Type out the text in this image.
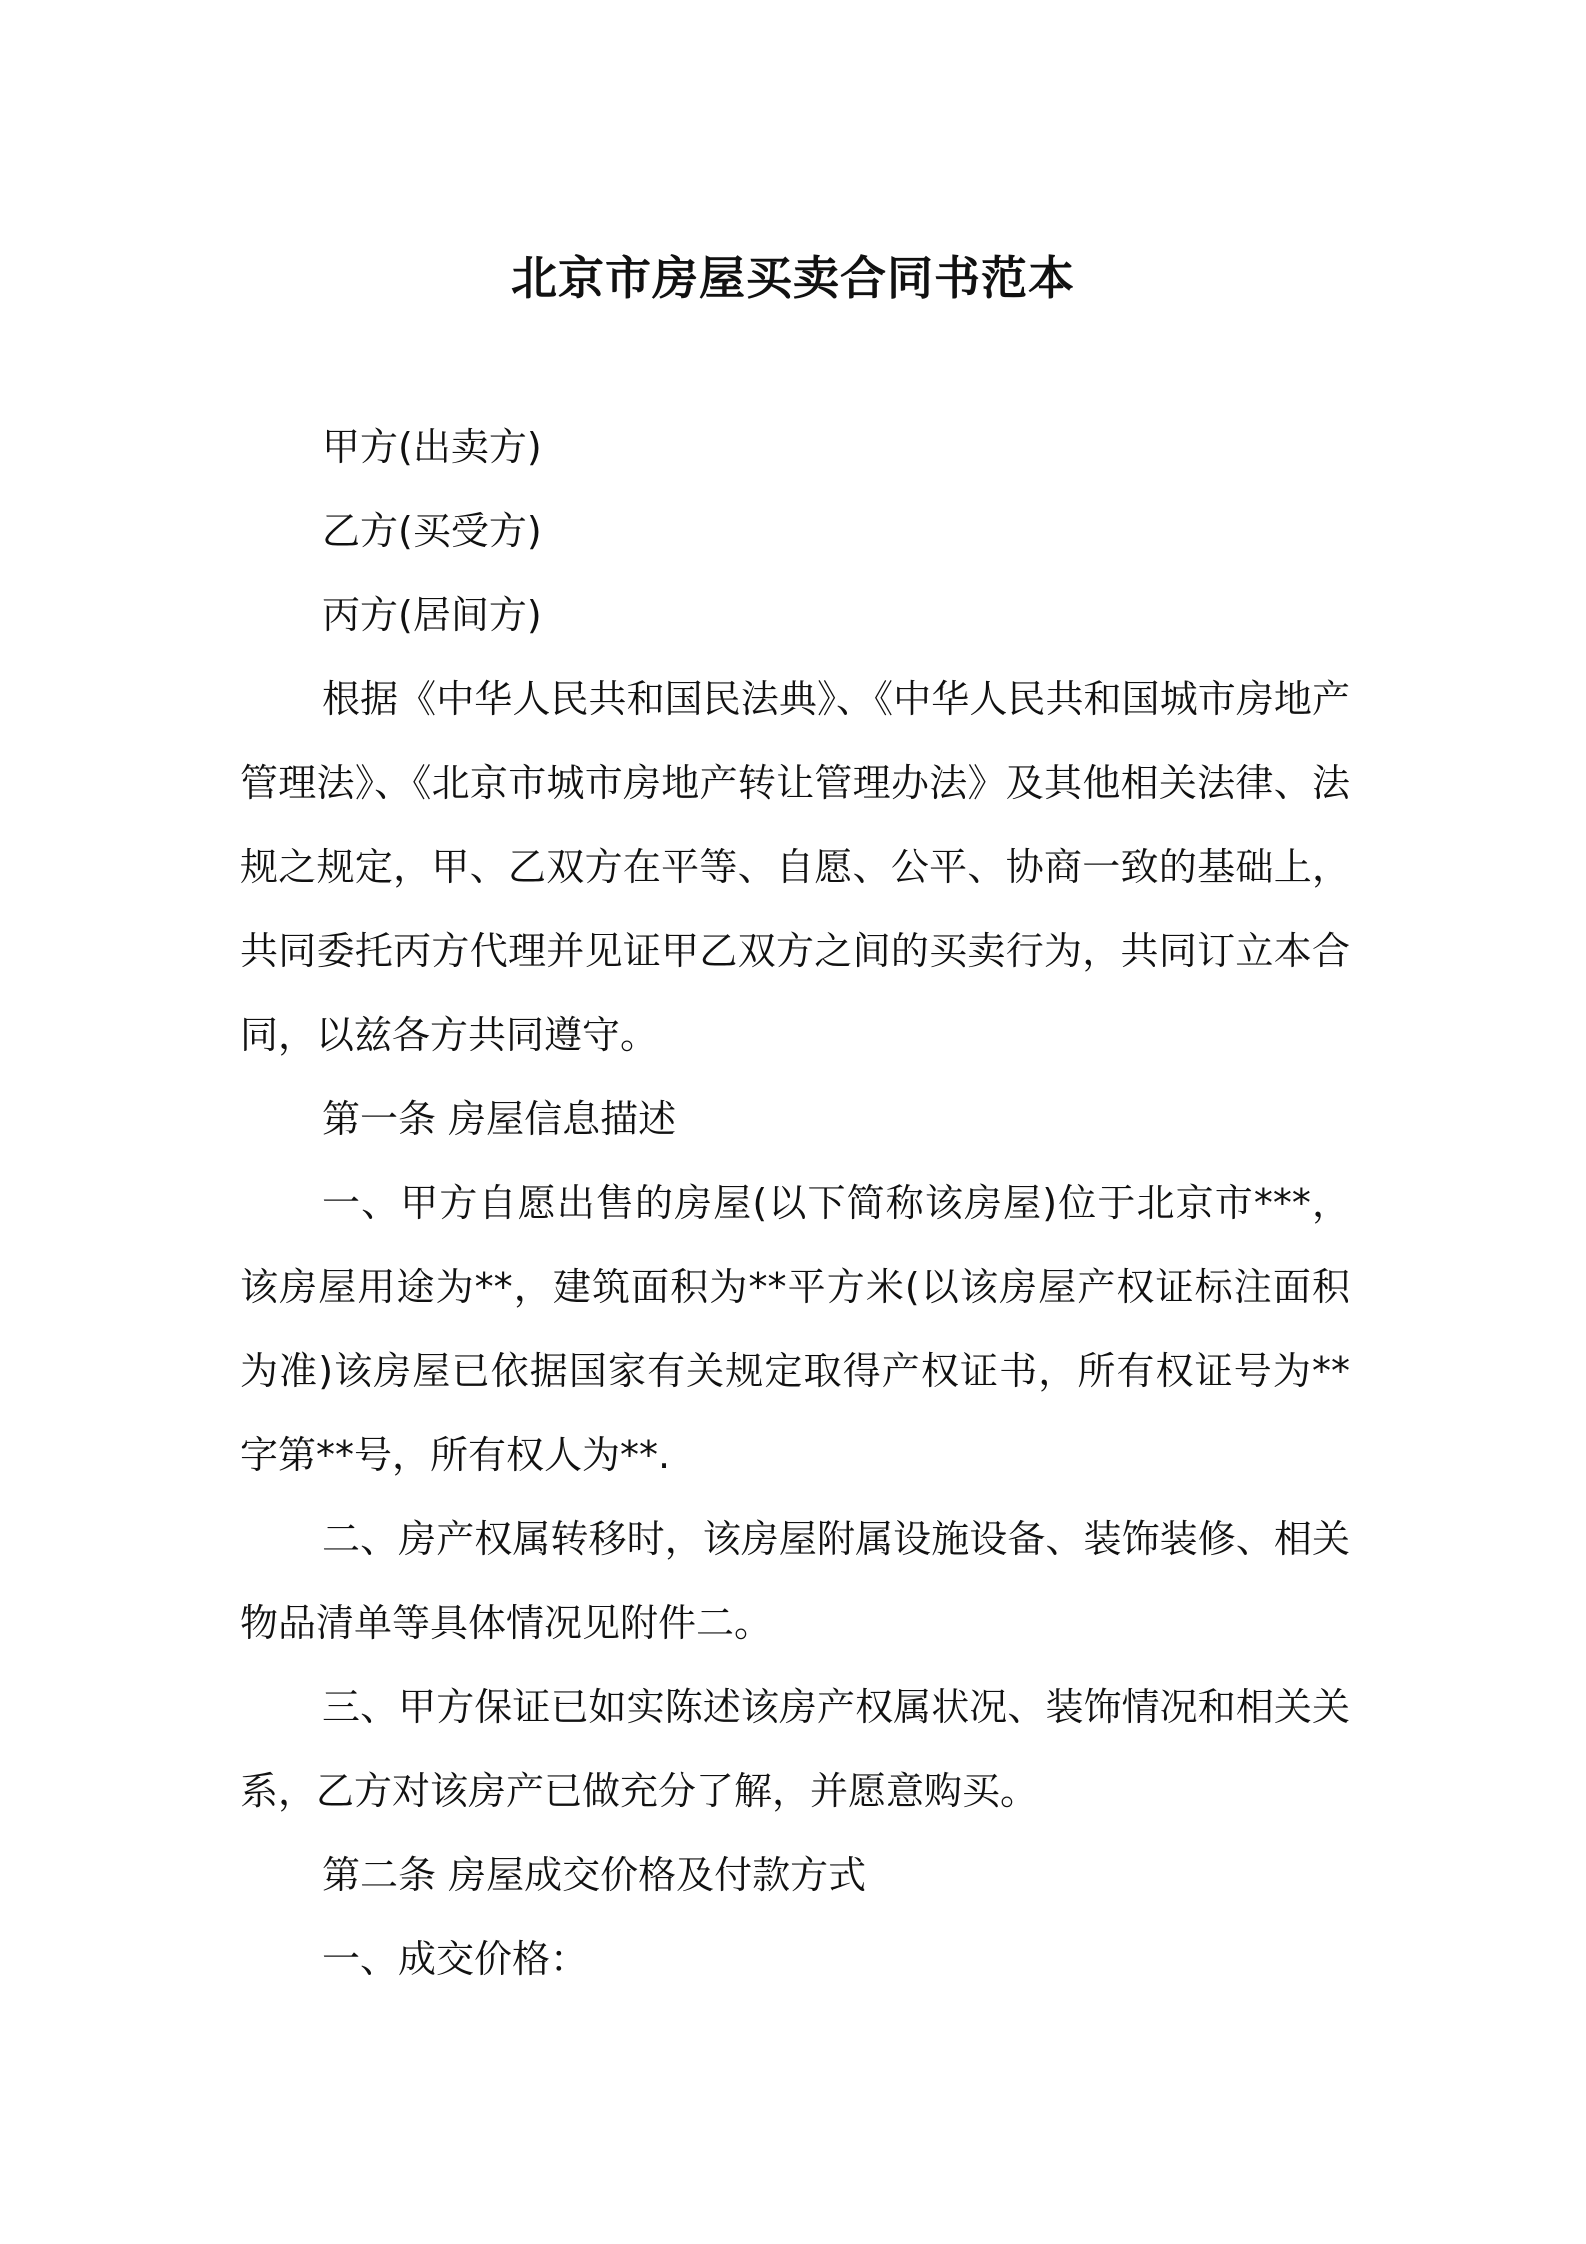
北京市房屋买卖合同书范本

甲方(出卖方)

乙方(买受方)

丙方(居间方)

根据《中华人民共和国民法典》、《中华人民共和国城市房地产管理法》、《北京市城市房地产转让管理办法》及其他相关法律、法规之规定，甲、乙双方在平等、自愿、公平、协商一致的基础上，共同委托丙方代理并见证甲乙双方之间的买卖行为，共同订立本合同，以兹各方共同遵守。

第一条 房屋信息描述

一、甲方自愿出售的房屋(以下简称该房屋)位于北京市***，该房屋用途为**，建筑面积为**平方米(以该房屋产权证标注面积为准)该房屋已依据国家有关规定取得产权证书，所有权证号为**字第**号，所有权人为**.

二、房产权属转移时，该房屋附属设施设备、装饰装修、相关物品清单等具体情况见附件二。

三、甲方保证已如实陈述该房产权属状况、装饰情况和相关关系，乙方对该房产已做充分了解，并愿意购买。

第二条 房屋成交价格及付款方式

一、成交价格：
